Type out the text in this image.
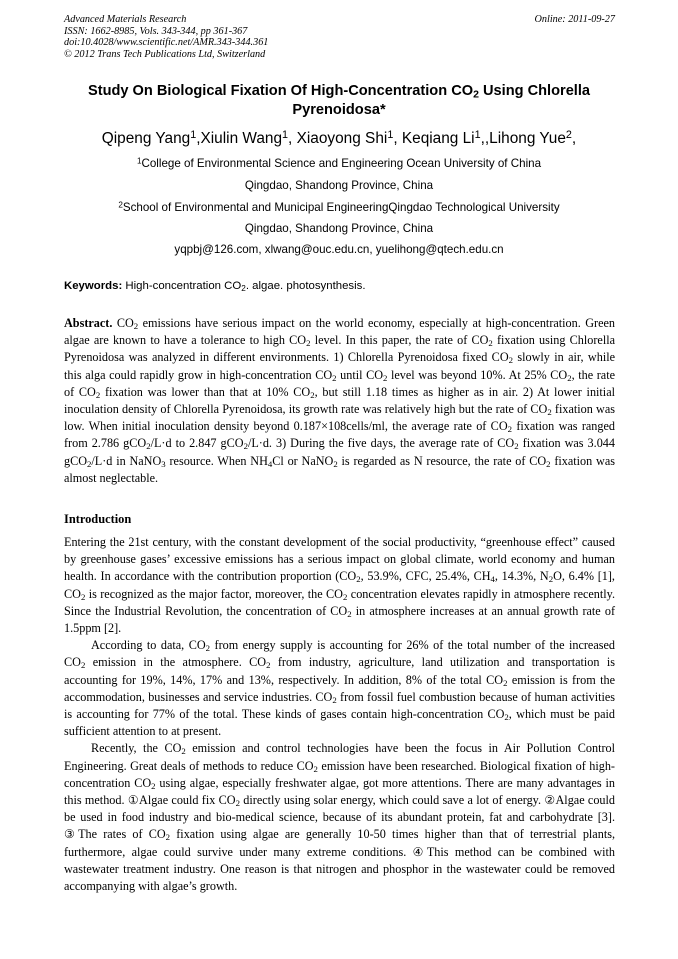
Advanced Materials Research
ISSN: 1662-8985, Vols. 343-344, pp 361-367
doi:10.4028/www.scientific.net/AMR.343-344.361
© 2012 Trans Tech Publications Ltd, Switzerland
Online: 2011-09-27
Study On Biological Fixation Of High-Concentration $CO_2$ Using Chlorella Pyrenoidosa*
Qipeng Yang$^1$,Xiulin Wang$^1$, Xiaoyong Shi$^1$, Keqiang Li$^1$,,Lihong Yue$^2$,
$^1$College of Environmental Science and Engineering Ocean University of China
Qingdao, Shandong Province, China
$^2$School of Environmental and Municipal EngineeringQingdao Technological University
Qingdao, Shandong Province, China
yqpbj@126.com, xlwang@ouc.edu.cn, yuelihong@qtech.edu.cn
Keywords: High-concentration $CO_2$. algae. photosynthesis.
Abstract. $CO_2$ emissions have serious impact on the world economy, especially at high-concentration. Green algae are known to have a tolerance to high $CO_2$ level. In this paper, the rate of $CO_2$ fixation using Chlorella Pyrenoidosa was analyzed in different environments. 1) Chlorella Pyrenoidosa fixed $CO_2$ slowly in air, while this alga could rapidly grow in high-concentration $CO_2$ until $CO_2$ level was beyond 10%. At 25% $CO_2$, the rate of $CO_2$ fixation was lower than that at 10% $CO_2$, but still 1.18 times as higher as in air. 2) At lower initial inoculation density of Chlorella Pyrenoidosa, its growth rate was relatively high but the rate of $CO_2$ fixation was low. When initial inoculation density beyond 0.187×108cells/ml, the average rate of $CO_2$ fixation was ranged from 2.786 gCO$_2$/L·d to 2.847 gCO$_2$/L·d. 3) During the five days, the average rate of $CO_2$ fixation was 3.044 gCO$_2$/L·d in NaNO$_3$ resource. When $NH_4Cl$ or NaNO$_2$ is regarded as N resource, the rate of $CO_2$ fixation was almost neglectable.
Introduction

Entering the 21st century, with the constant development of the social productivity, “greenhouse effect” caused by greenhouse gases’ excessive emissions has a serious impact on global climate, world economy and human health. In accordance with the contribution proportion ($CO_2$, 53.9%, CFC, 25.4%, $CH_4$, 14.3%, $N_2O$, 6.4% [1], $CO_2$ is recognized as the major factor, moreover, the $CO_2$ concentration elevates rapidly in atmosphere recently. Since the Industrial Revolution, the concentration of $CO_2$ in atmosphere increases at an annual growth rate of 1.5ppm [2].

According to data, $CO_2$ from energy supply is accounting for 26% of the total number of the increased $CO_2$ emission in the atmosphere. $CO_2$ from industry, agriculture, land utilization and transportation is accounting for 19%, 14%, 17% and 13%, respectively. In addition, 8% of the total $CO_2$ emission is from the accommodation, businesses and service industries. $CO_2$ from fossil fuel combustion because of human activities is accounting for 77% of the total. These kinds of gases contain high-concentration $CO_2$, which must be paid sufficient attention to at present.

Recently, the $CO_2$ emission and control technologies have been the focus in Air Pollution Control Engineering. Great deals of methods to reduce $CO_2$ emission have been researched. Biological fixation of high-concentration $CO_2$ using algae, especially freshwater algae, got more attentions. There are many advantages in this method. ①Algae could fix $CO_2$ directly using solar energy, which could save a lot of energy. ②Algae could be used in food industry and bio-medical science, because of its abundant protein, fat and carbohydrate [3]. ③The rates of $CO_2$ fixation using algae are generally 10-50 times higher than that of terrestrial plants, furthermore, algae could survive under many extreme conditions. ④This method can be combined with wastewater treatment industry. One reason is that nitrogen and phosphor in the wastewater could be removed accompanying with algae’s growth.
